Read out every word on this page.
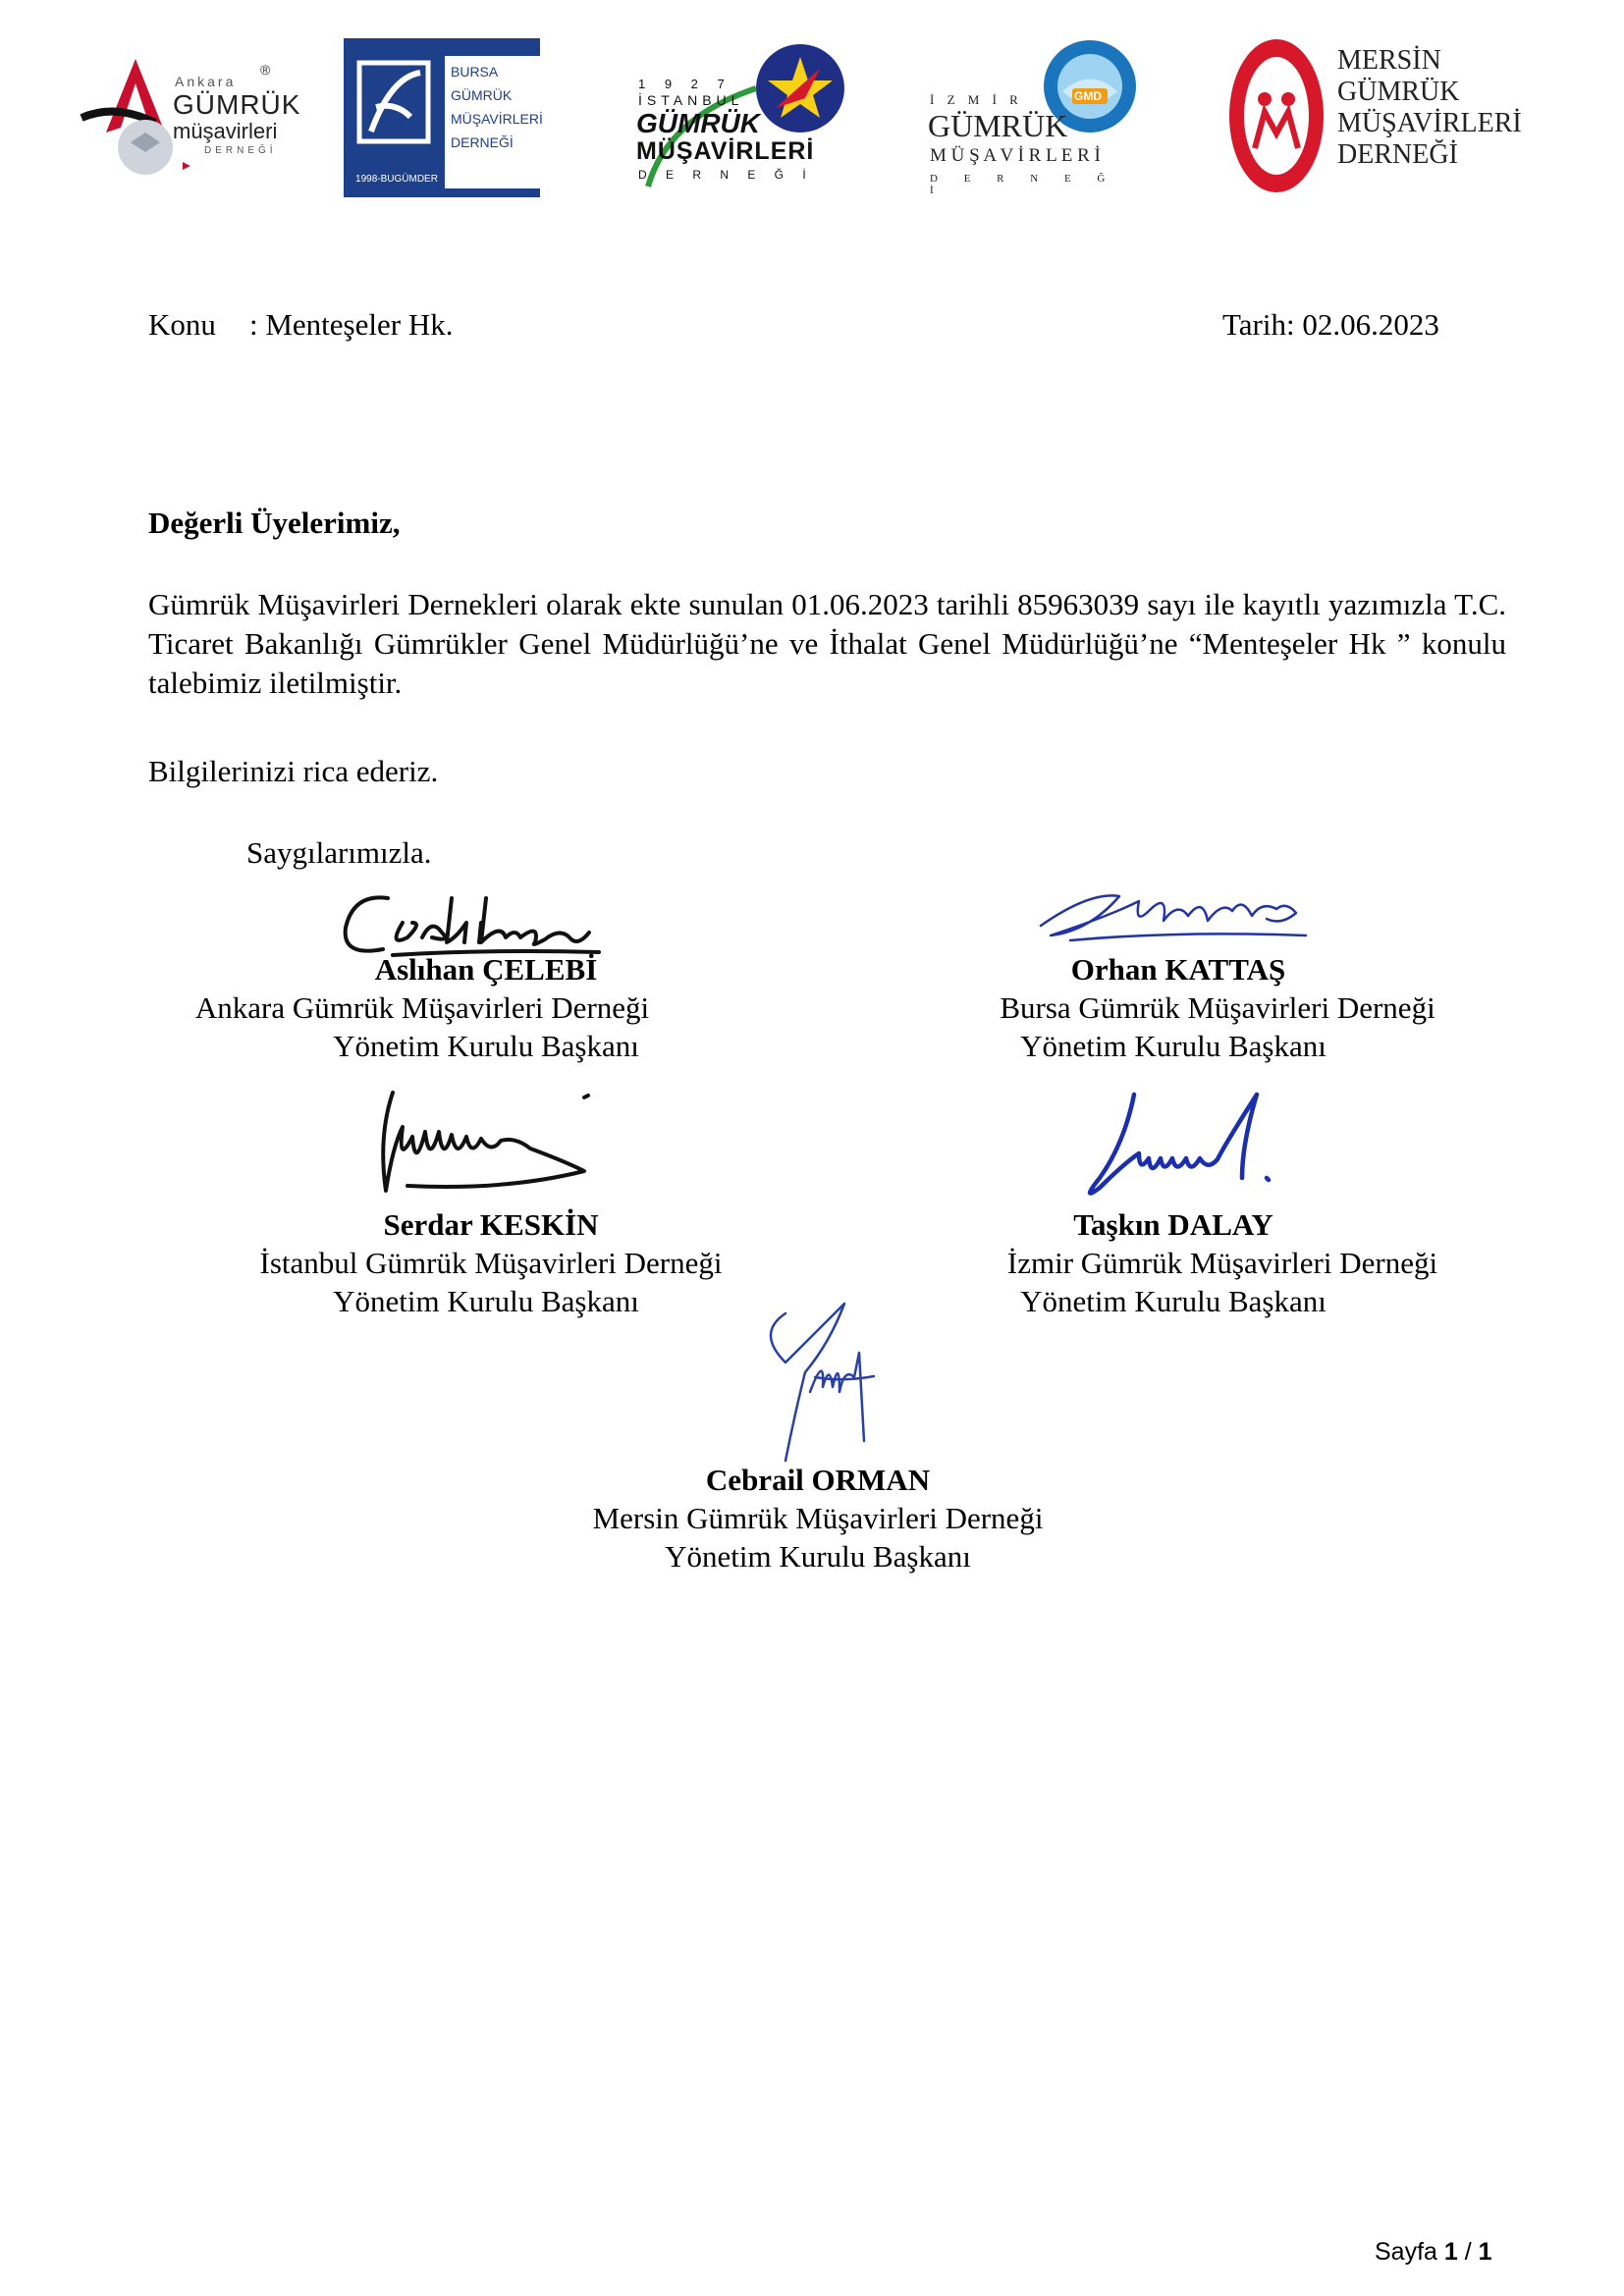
Ankara
GÜMRÜK
müşavirleri
DERNEĞİ
®
1998-BUGÜMDER
BURSA
GÜMRÜK
MÜŞAVİRLERİ
DERNEĞİ
1 9 2 7
İSTANBUL
GÜMRÜK
MÜŞAVİRLERİ
D E R N E Ğ İ
GMD
İ Z M İ R
GÜMRÜK
M Ü Ş A V İ R L E R İ
D E R N E Ğ İ
MERSİN
GÜMRÜK
MÜŞAVİRLERİ
DERNEĞİ
Konu : Menteşeler Hk.	Tarih: 02.06.2023
Değerli Üyelerimiz,
Gümrük Müşavirleri Dernekleri olarak ekte sunulan 01.06.2023 tarihli 85963039 sayı ile kayıtlı yazımızla T.C. Ticaret Bakanlığı Gümrükler Genel Müdürlüğü’ne ve İthalat Genel Müdürlüğü’ne “Menteşeler Hk ” konulu talebimiz iletilmiştir.
Bilgilerinizi rica ederiz.
Saygılarımızla.
Aslıhan ÇELEBİ
Ankara Gümrük Müşavirleri Derneği
Yönetim Kurulu Başkanı
Orhan KATTAŞ
Bursa Gümrük Müşavirleri Derneği
Yönetim Kurulu Başkanı
Serdar KESKİN
İstanbul Gümrük Müşavirleri Derneği
Yönetim Kurulu Başkanı
Taşkın DALAY
İzmir Gümrük Müşavirleri Derneği
Yönetim Kurulu Başkanı
Cebrail ORMAN
Mersin Gümrük Müşavirleri Derneği
Yönetim Kurulu Başkanı
Sayfa 1 / 1
